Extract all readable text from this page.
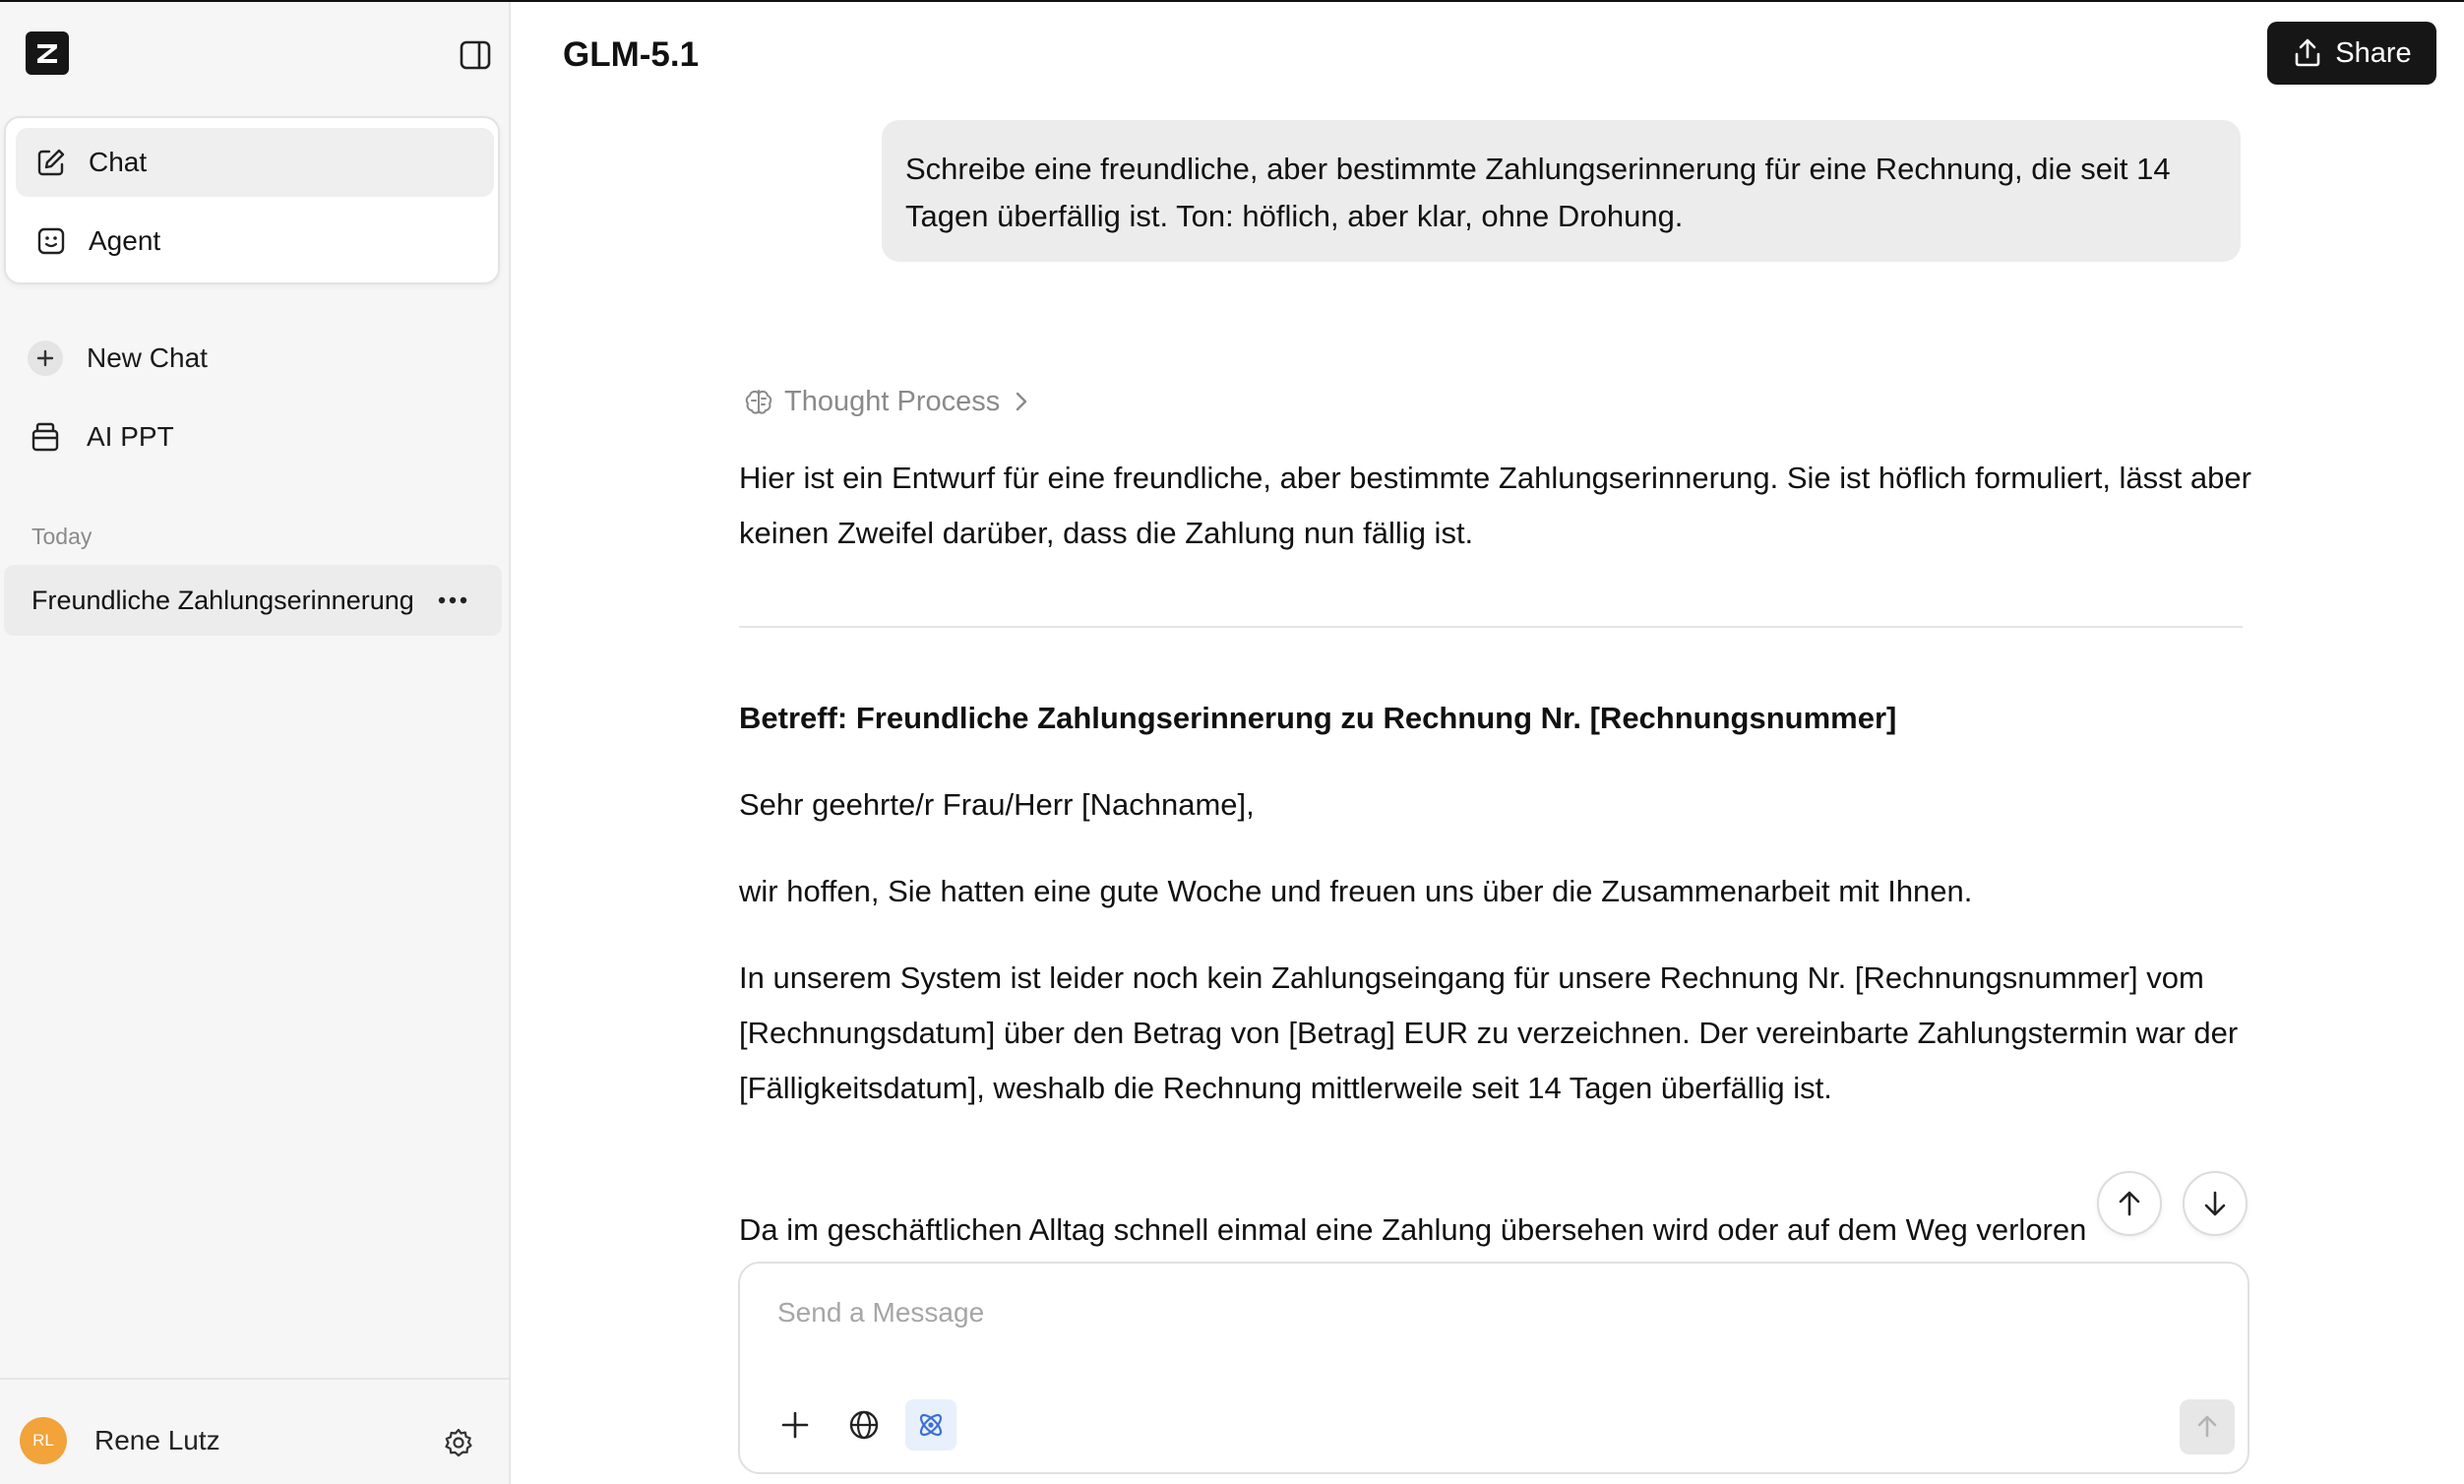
Chat
Agent
New Chat
AI PPT
Today
Freundliche Zahlungserinnerung
RL	Rene Lutz
GLM-5.1	Share
Schreibe eine freundliche, aber bestimmte Zahlungserinnerung für eine Rechnung, die seit 14 Tagen überfällig ist. Ton: höflich, aber klar, ohne Drohung.
Thought Process

Hier ist ein Entwurf für eine freundliche, aber bestimmte Zahlungserinnerung. Sie ist höflich formuliert, lässt aber keinen Zweifel darüber, dass die Zahlung nun fällig ist.

Betreff: Freundliche Zahlungserinnerung zu Rechnung Nr. [Rechnungsnummer]
Sehr geehrte/r Frau/Herr [Nachname],
wir hoffen, Sie hatten eine gute Woche und freuen uns über die Zusammenarbeit mit Ihnen.
In unserem System ist leider noch kein Zahlungseingang für unsere Rechnung Nr. [Rechnungsnummer] vom [Rechnungsdatum] über den Betrag von [Betrag] EUR zu verzeichnen. Der vereinbarte Zahlungstermin war der [Fälligkeitsdatum], weshalb die Rechnung mittlerweile seit 14 Tagen überfällig ist.
Da im geschäftlichen Alltag schnell einmal eine Zahlung übersehen wird oder auf dem Weg verloren
Send a Message
